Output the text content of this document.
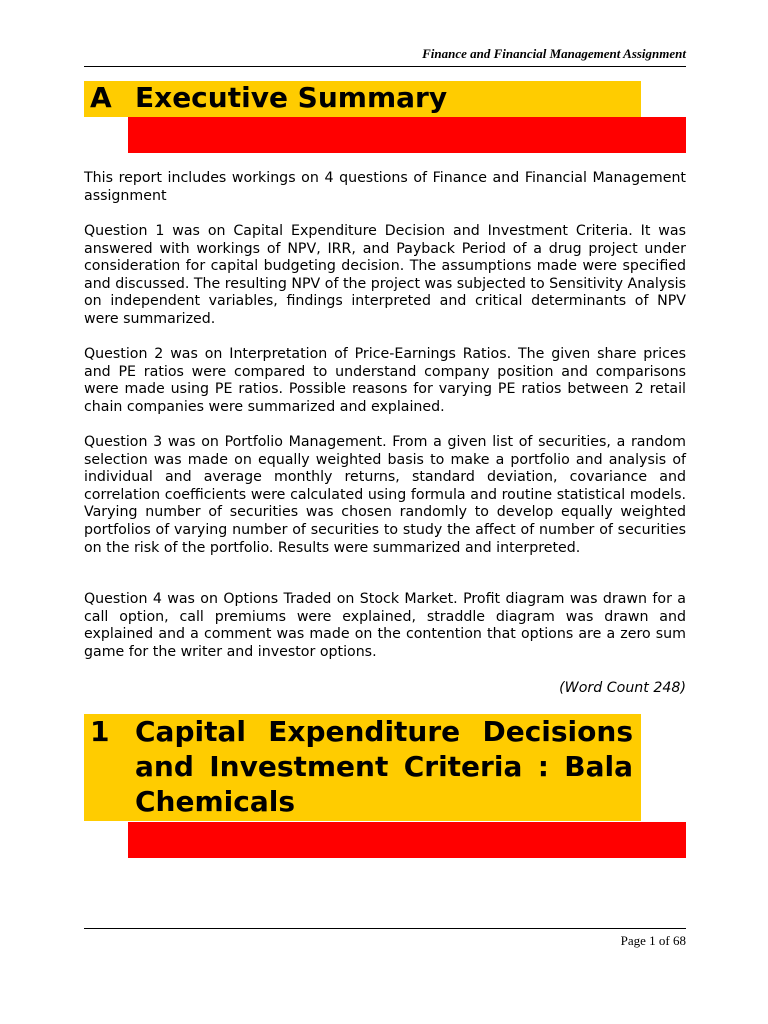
Finance and Financial Management Assignment
A Executive Summary

This report includes workings on 4 questions of Finance and Financial Management assignment

Question 1 was on Capital Expenditure Decision and Investment Criteria. It was answered with workings of NPV, IRR, and Payback Period of a drug project under consideration for capital budgeting decision. The assumptions made were specified and discussed. The resulting NPV of the project was subjected to Sensitivity Analysis on independent variables, findings interpreted and critical determinants of NPV were summarized.

Question 2 was on Interpretation of Price-Earnings Ratios. The given share prices and PE ratios were compared to understand company position and comparisons were made using PE ratios. Possible reasons for varying PE ratios between 2 retail chain companies were summarized and explained.

Question 3 was on Portfolio Management. From a given list of securities, a random selection was made on equally weighted basis to make a portfolio and analysis of individual and average monthly returns, standard deviation, covariance and correlation coefficients were calculated using formula and routine statistical models. Varying number of securities was chosen randomly to develop equally weighted portfolios of varying number of securities to study the affect of number of securities on the risk of the portfolio. Results were summarized and interpreted.

Question 4 was on Options Traded on Stock Market. Profit diagram was drawn for a call option, call premiums were explained, straddle diagram was drawn and explained and a comment was made on the contention that options are a zero sum game for the writer and investor options.

(Word Count 248)
1 Capital Expenditure Decisions and Investment Criteria : Bala Chemicals
Page 1 of 68
